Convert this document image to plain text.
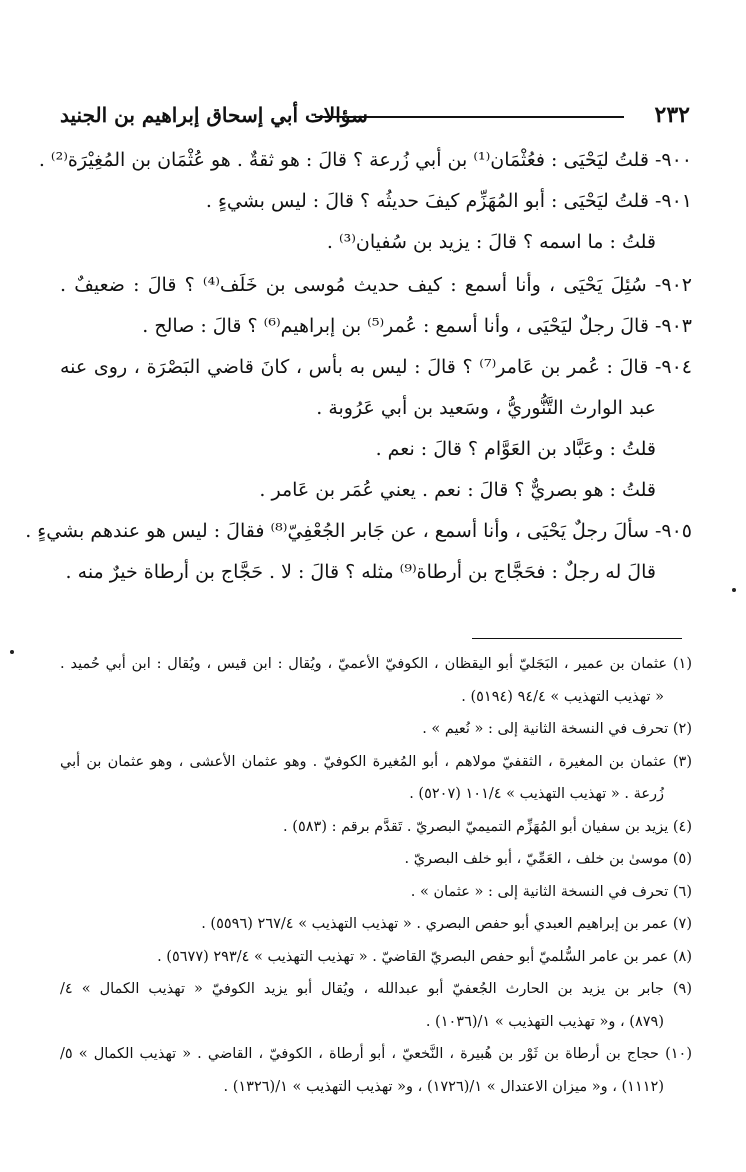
٢٣٢
سؤالات أبي إسحاق إبراهيم بن الجنيد
٩٠٠- قلتُ ليَحْيَى : فعُثْمَان⁽¹⁾ بن أبي زُرعة ؟ قالَ : هو ثقةٌ . هو عُثْمَان بن المُغِيْرَة⁽²⁾ .
٩٠١- قلتُ ليَحْيَى : أبو المُهَزِّم كيفَ حديثُه ؟ قالَ : ليس بشيءٍ .
قلتُ : ما اسمه ؟ قالَ : يزيد بن سُفيان⁽³⁾ .
٩٠٢- سُئِلَ يَحْيَى ، وأنا أسمع : كيف حديث مُوسى بن خَلَف⁽⁴⁾ ؟ قالَ : ضعيفٌ .
٩٠٣- قالَ رجلٌ ليَحْيَى ، وأنا أسمع : عُمر⁽⁵⁾ بن إبراهيم⁽⁶⁾ ؟ قالَ : صالح .
٩٠٤- قالَ : عُمر بن عَامر⁽⁷⁾ ؟ قالَ : ليس به بأس ، كانَ قاضي البَصْرَة ، روى عنه
عبد الوارث التَّنُّوريُّ ، وسَعيد بن أبي عَرُوبة .
قلتُ : وعَبَّاد بن العَوَّام ؟ قالَ : نعم .
قلتُ : هو بصريٌّ ؟ قالَ : نعم . يعني عُمَر بن عَامر .
٩٠٥- سألَ رجلٌ يَحْيَى ، وأنا أسمع ، عن جَابر الجُعْفِيّ⁽⁸⁾ فقالَ : ليس هو عندهم بشيءٍ .
قالَ له رجلٌ : فحَجَّاج بن أرطاة⁽⁹⁾ مثله ؟ قالَ : لا . حَجَّاج بن أرطاة خيرٌ منه .
(١) عثمان بن عمير ، البَجَليّ أبو اليقظان ، الكوفيّ الأعميّ ، ويُقال : ابن قيس ، ويُقال : ابن أبي حُميد .
« تهذيب التهذيب » ٩٤/٤ (٥١٩٤) .
(٢) تحرف في النسخة الثانية إلى : « نُعيم » .
(٣) عثمان بن المغيرة ، الثقفيّ مولاهم ، أبو المُغيرة الكوفيّ . وهو عثمان الأعشى ، وهو عثمان بن أبي
زُرعة . « تهذيب التهذيب » ١٠١/٤ (٥٢٠٧) .
(٤) يزيد بن سفيان أبو المُهَزِّم التميميّ البصريّ . تَقدَّم برقم : (٥٨٣) .
(٥) موسىٰ بن خلف ، العَمِّيّ ، أبو خلف البصريّ .
(٦) تحرف في النسخة الثانية إلى : « عثمان » .
(٧) عمر بن إبراهيم العبدي أبو حفص البصري . « تهذيب التهذيب » ٢٦٧/٤ (٥٥٩٦) .
(٨) عمر بن عامر السُّلميّ أبو حفص البصريّ القاضيّ . « تهذيب التهذيب » ٢٩٣/٤ (٥٦٧٧) .
(٩) جابر بن يزيد بن الحارث الجُعفيّ أبو عبدالله ، ويُقال أبو يزيد الكوفيّ « تهذيب الكمال » ٤/
(٨٧٩) ، و« تهذيب التهذيب » ١/(١٠٣٦) .
(١٠) حجاج بن أرطاة بن ثَوْر بن هُبيرة ، النَّخعيّ ، أبو أرطاة ، الكوفيّ ، القاضي . « تهذيب الكمال » ٥/
(١١١٢) ، و« ميزان الاعتدال » ١/(١٧٢٦) ، و« تهذيب التهذيب » ١/(١٣٢٦) .
